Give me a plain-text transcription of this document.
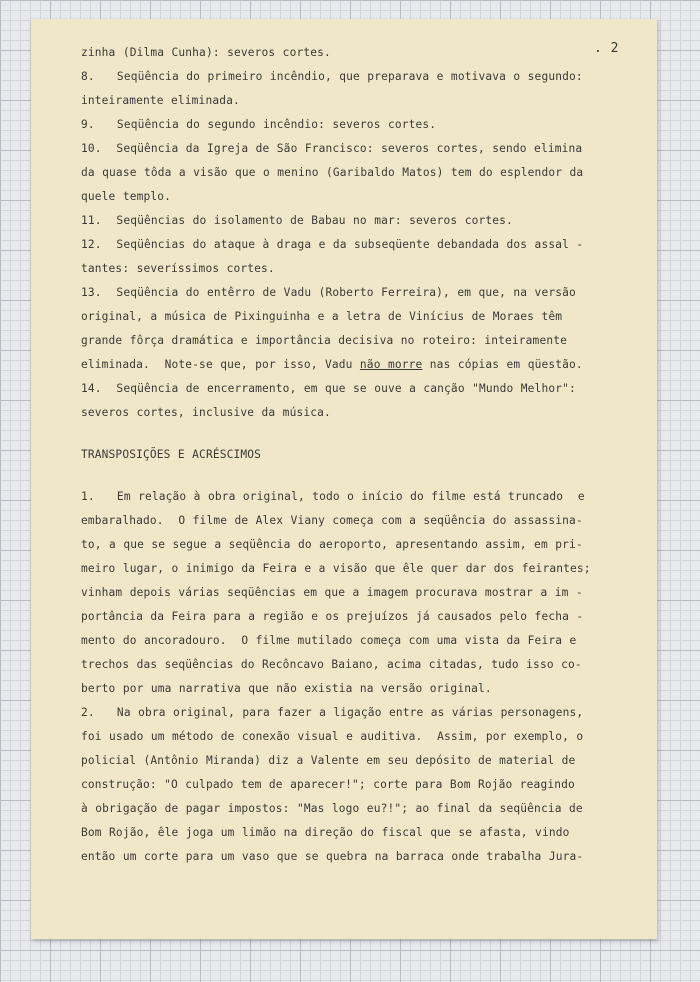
. 2
zinha (Dilma Cunha): severos cortes.
8.   Seqüência do primeiro incêndio, que preparava e motivava o segundo:
inteiramente eliminada.
9.   Seqüência do segundo incêndio: severos cortes.
10.  Seqüência da Igreja de São Francisco: severos cortes, sendo elimina
da quase tôda a visão que o menino (Garibaldo Matos) tem do esplendor da
quele templo.
11.  Seqüências do isolamento de Babau no mar: severos cortes.
12.  Seqüências do ataque à draga e da subseqüente debandada dos assal -
tantes: severíssimos cortes.
13.  Seqüência do entêrro de Vadu (Roberto Ferreira), em que, na versão
original, a música de Pixinguinha e a letra de Vinícius de Moraes têm
grande fôrça dramática e importância decisiva no roteiro: inteiramente
eliminada.  Note-se que, por isso, Vadu não morre nas cópias em qüestão.
14.  Seqüência de encerramento, em que se ouve a canção "Mundo Melhor":
severos cortes, inclusive da música.
TRANSPOSIÇÕES E ACRÉSCIMOS
1.   Em relação à obra original, todo o início do filme está truncado  e
embaralhado.  O filme de Alex Viany começa com a seqüência do assassina-
to, a que se segue a seqüência do aeroporto, apresentando assim, em pri-
meiro lugar, o inimigo da Feira e a visão que êle quer dar dos feirantes;
vinham depois várias seqüências em que a imagem procurava mostrar a im -
portância da Feira para a região e os prejuízos já causados pelo fecha -
mento do ancoradouro.  O filme mutilado começa com uma vista da Feira e
trechos das seqüências do Recôncavo Baiano, acima citadas, tudo isso co-
berto por uma narrativa que não existia na versão original.
2.   Na obra original, para fazer a ligação entre as várias personagens,
foi usado um método de conexão visual e auditiva.  Assim, por exemplo, o
policial (Antônio Miranda) diz a Valente em seu depósito de material de
construção: "O culpado tem de aparecer!"; corte para Bom Rojão reagindo
à obrigação de pagar impostos: "Mas logo eu?!"; ao final da seqüência de
Bom Rojão, êle joga um limão na direção do fiscal que se afasta, vindo
então um corte para um vaso que se quebra na barraca onde trabalha Jura-
